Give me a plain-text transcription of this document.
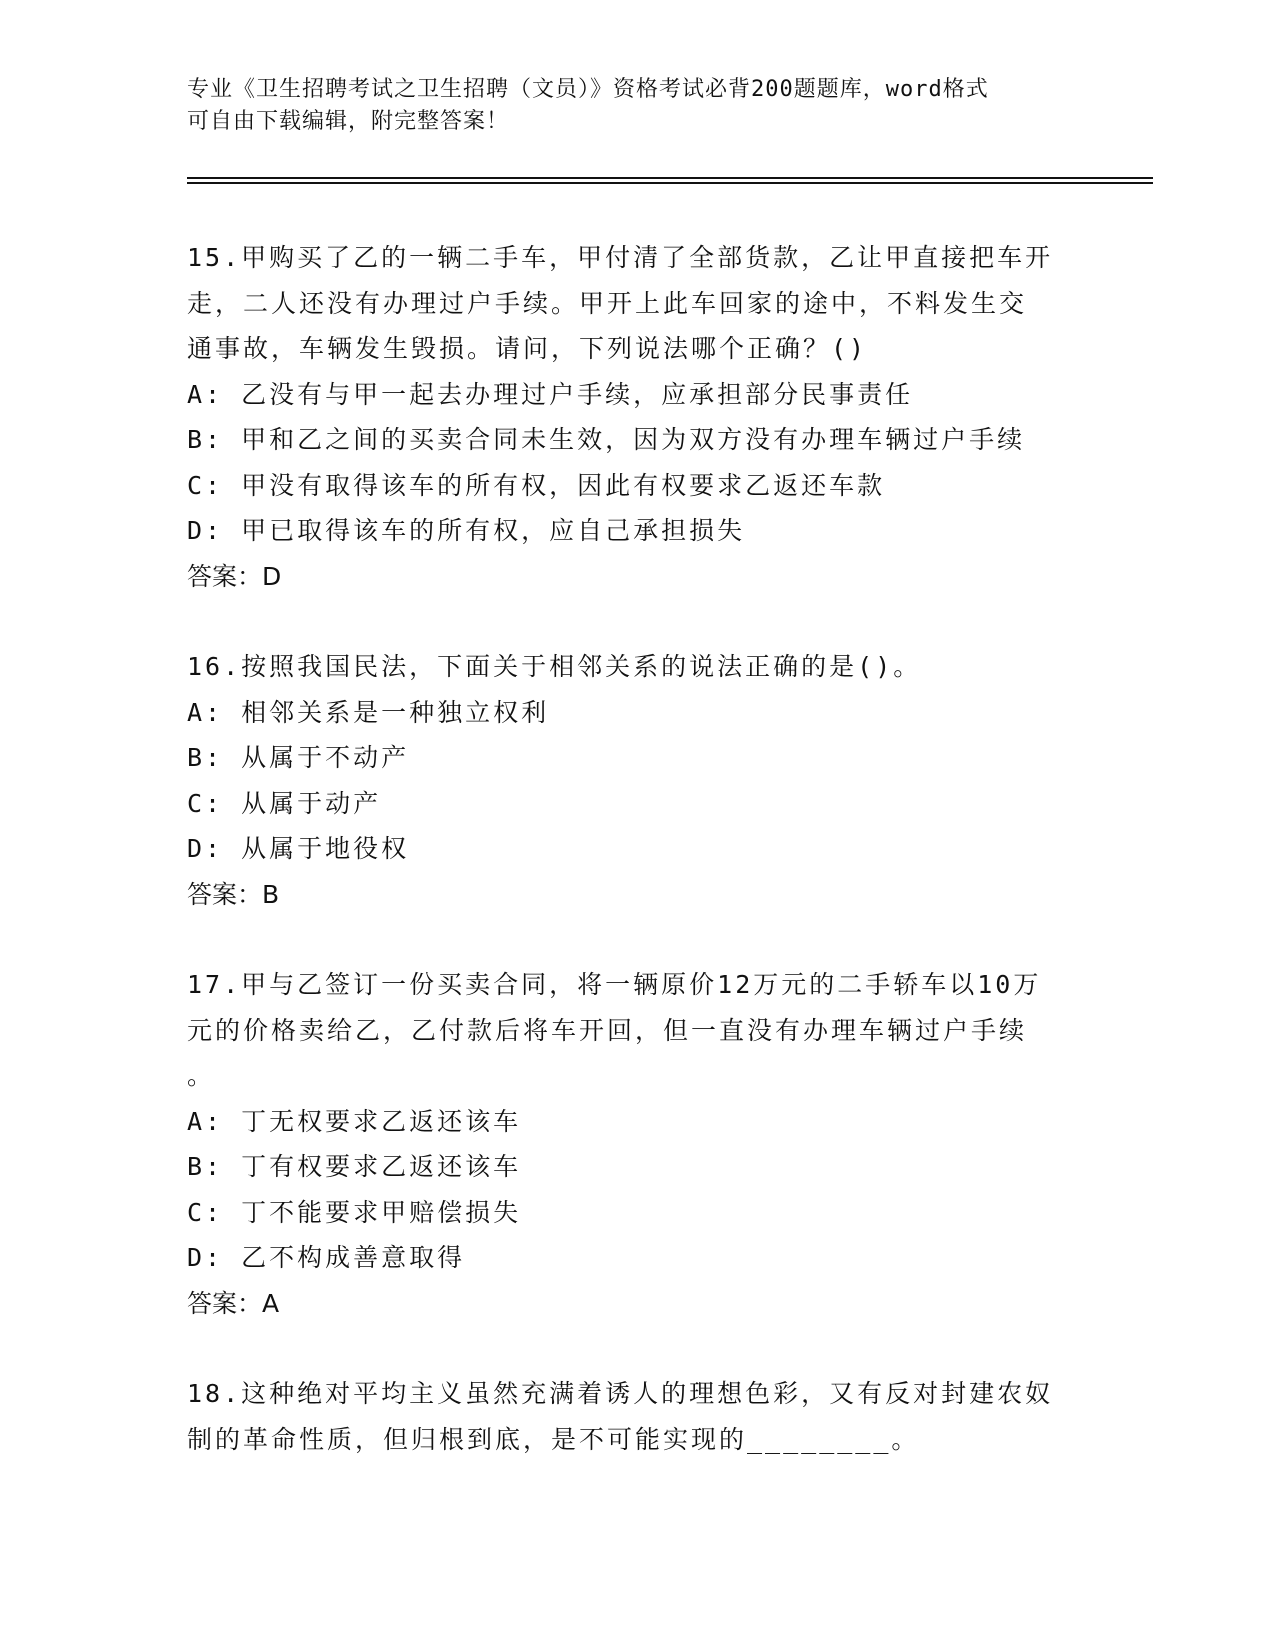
专业《卫生招聘考试之卫生招聘（文员）》资格考试必背200题题库，word格式
可自由下载编辑，附完整答案！

15.甲购买了乙的一辆二手车，甲付清了全部货款，乙让甲直接把车开

走，二人还没有办理过户手续。甲开上此车回家的途中，不料发生交

通事故，车辆发生毁损。请问，下列说法哪个正确？()

A: 乙没有与甲一起去办理过户手续，应承担部分民事责任

B: 甲和乙之间的买卖合同未生效，因为双方没有办理车辆过户手续

C: 甲没有取得该车的所有权，因此有权要求乙返还车款

D: 甲已取得该车的所有权，应自己承担损失

答案：D

16.按照我国民法，下面关于相邻关系的说法正确的是()。

A: 相邻关系是一种独立权利

B: 从属于不动产

C: 从属于动产

D: 从属于地役权

答案：B

17.甲与乙签订一份买卖合同，将一辆原价12万元的二手轿车以10万

元的价格卖给乙，乙付款后将车开回，但一直没有办理车辆过户手续

。

A: 丁无权要求乙返还该车

B: 丁有权要求乙返还该车

C: 丁不能要求甲赔偿损失

D: 乙不构成善意取得

答案：A

18.这种绝对平均主义虽然充满着诱人的理想色彩，又有反对封建农奴

制的革命性质，但归根到底，是不可能实现的________。
